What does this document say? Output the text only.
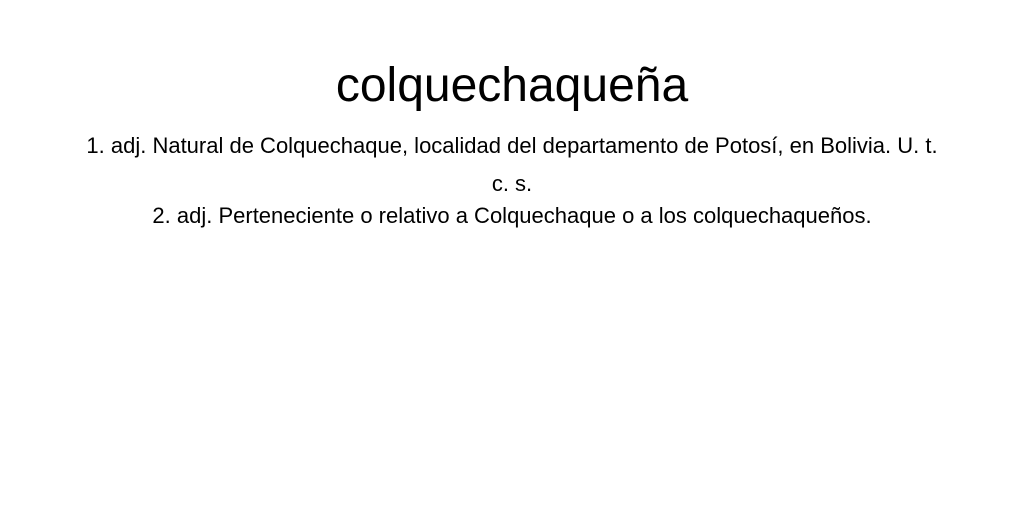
colquechaqueña
1. adj. Natural de Colquechaque, localidad del departamento de Potosí, en Bolivia. U. t. c. s.
2. adj. Perteneciente o relativo a Colquechaque o a los colquechaqueños.
